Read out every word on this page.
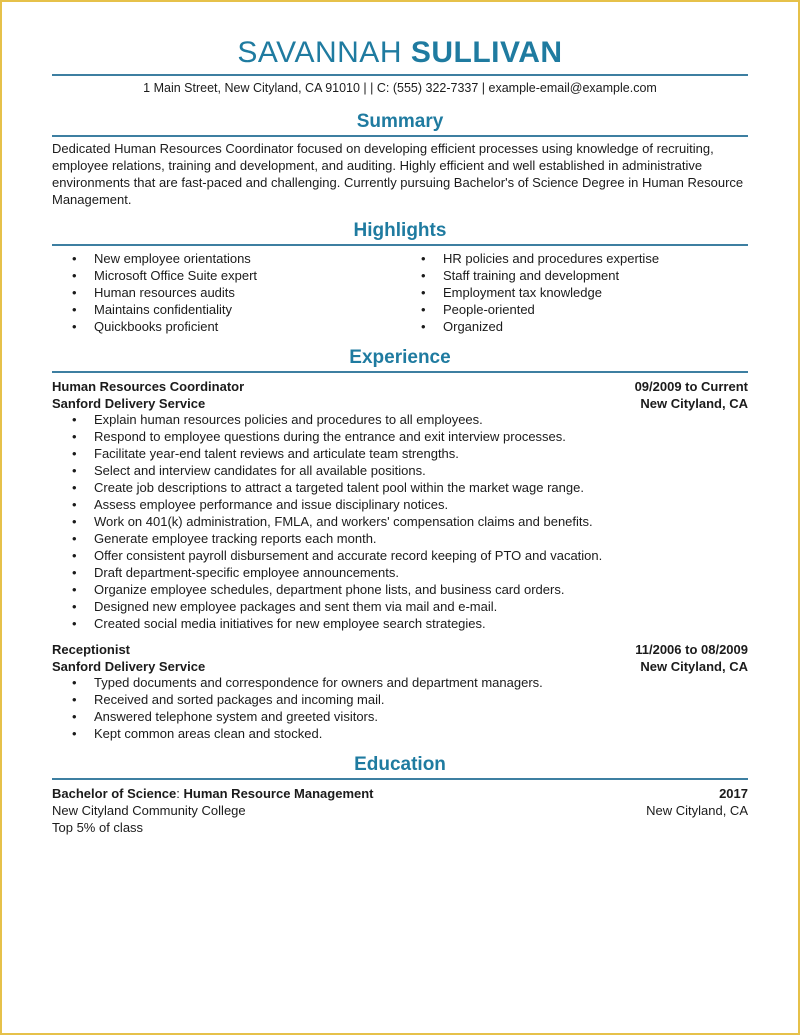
SAVANNAH SULLIVAN
1 Main Street, New Cityland, CA 91010 | | C: (555) 322-7337 | example-email@example.com
Summary

Dedicated Human Resources Coordinator focused on developing efficient processes using knowledge of recruiting, employee relations, training and development, and auditing. Highly efficient and well established in administrative environments that are fast-paced and challenging. Currently pursuing Bachelor's of Science Degree in Human Resource Management.

Highlights
• New employee orientations
• Microsoft Office Suite expert
• Human resources audits
• Maintains confidentiality
• Quickbooks proficient
• HR policies and procedures expertise
• Staff training and development
• Employment tax knowledge
• People-oriented
• Organized
Experience
Human Resources Coordinator	09/2009 to Current
Sanford Delivery Service	New Cityland, CA
• Explain human resources policies and procedures to all employees.
• Respond to employee questions during the entrance and exit interview processes.
• Facilitate year-end talent reviews and articulate team strengths.
• Select and interview candidates for all available positions.
• Create job descriptions to attract a targeted talent pool within the market wage range.
• Assess employee performance and issue disciplinary notices.
• Work on 401(k) administration, FMLA, and workers' compensation claims and benefits.
• Generate employee tracking reports each month.
• Offer consistent payroll disbursement and accurate record keeping of PTO and vacation.
• Draft department-specific employee announcements.
• Organize employee schedules, department phone lists, and business card orders.
• Designed new employee packages and sent them via mail and e-mail.
• Created social media initiatives for new employee search strategies.
Receptionist	11/2006 to 08/2009
Sanford Delivery Service	New Cityland, CA
• Typed documents and correspondence for owners and department managers.
• Received and sorted packages and incoming mail.
• Answered telephone system and greeted visitors.
• Kept common areas clean and stocked.
Education
Bachelor of Science: Human Resource Management	2017
New Cityland Community College	New Cityland, CA
Top 5% of class
